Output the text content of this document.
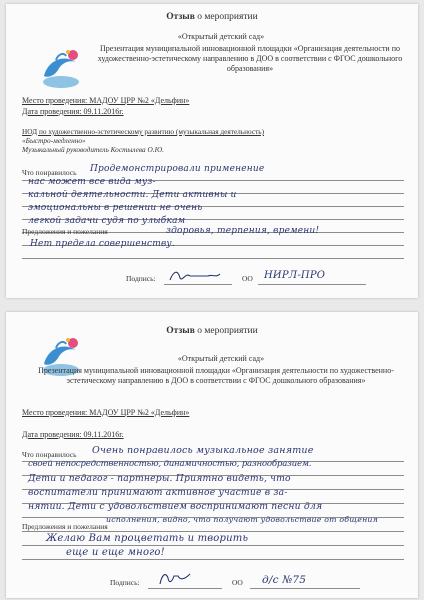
Отзыв о мероприятии
«Открытый детский сад»
Презентация муниципальной инновационной площадки «Организация деятельности по художественно-эстетическому направлению в ДОО в соответствии с ФГОС дошкольного образования»
Место проведения: МАДОУ ЦРР №2 «Дельфин»
Дата проведения: 09.11.2016г.
НОД по художественно-эстетическому развитию (музыкальная деятельность)
«Быстро-медленно»
Музыкальный руководитель Костылева О.Ю.
Что понравилось Продемонстрировали применение
нас может все вида муз-
кальной деятельности. Дети активны и
эмоциональны в решении не очень
легкой задачи судя по улыбкам
Предложения и пожелания	здоровья, терпения, времени!
Нет предела совершенству.
Подпись:	ОО НИРЛ-ПРО
Отзыв о мероприятии
«Открытый детский сад»
Презентация муниципальной инновационной площадки «Организация деятельности по художественно-эстетическому направлению в ДОО в соответствии с ФГОС дошкольного образования»
Место проведения: МАДОУ ЦРР №2 «Дельфин»
Дата проведения: 09.11.2016г.
Что понравилось Очень понравилось музыкальное занятие
своей непосредственностью, динамичностью, разнообразием.
Дети и педагог - партнеры. Приятно видеть, что
воспитатели принимают активное участие в за-
нятии. Дети с удовольствием воспринимают песни для
исполнения, видно, что получают удовольствие от общения
Предложения и пожелания
Желаю Вам процветать и творить
еще и еще много!
Подпись:	ОО д/с №75
